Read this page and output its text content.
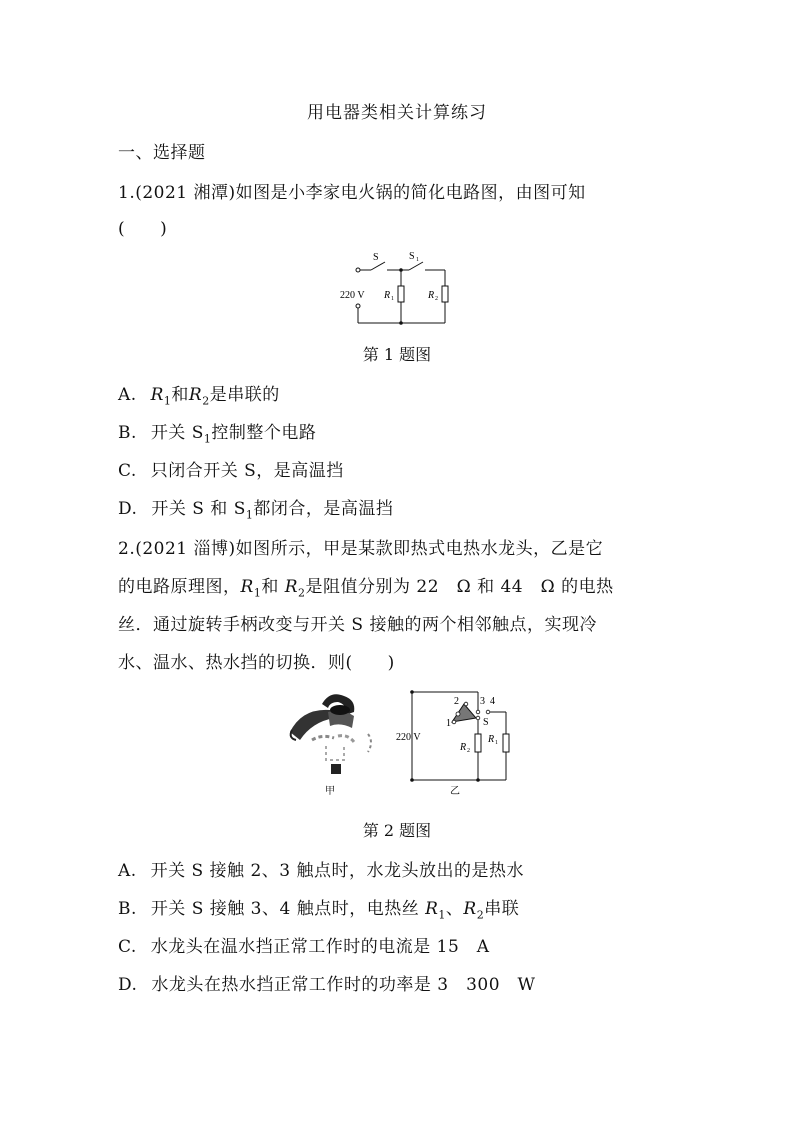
用电器类相关计算练习
一、选择题
1.(2021 湘潭)如图是小李家电火锅的简化电路图，由图可知
(　　)
220 V
S	S 1
R 1	R 2
第 1 题图
A. $R_1$和$R_2$是串联的
B. 开关 $S_1$控制整个电路
C. 只闭合开关 S，是高温挡
D. 开关 S 和 $S_1$都闭合，是高温挡
2.(2021 淄博)如图所示，甲是某款即热式电热水龙头，乙是它
的电路原理图，$R_1$和 $R_2$是阻值分别为 22　Ω 和 44　Ω 的电热
丝．通过旋转手柄改变与开关 S 接触的两个相邻触点，实现冷
水、温水、热水挡的切换．则(　　)
甲
1
2 3 4
S
220 V
R 2
R 1
乙
第 2 题图
A. 开关 S 接触 2、3 触点时，水龙头放出的是热水
B. 开关 S 接触 3、4 触点时，电热丝 $R_1$、$R_2$串联
C. 水龙头在温水挡正常工作时的电流是 15　A
D. 水龙头在热水挡正常工作时的功率是 3　300　W
